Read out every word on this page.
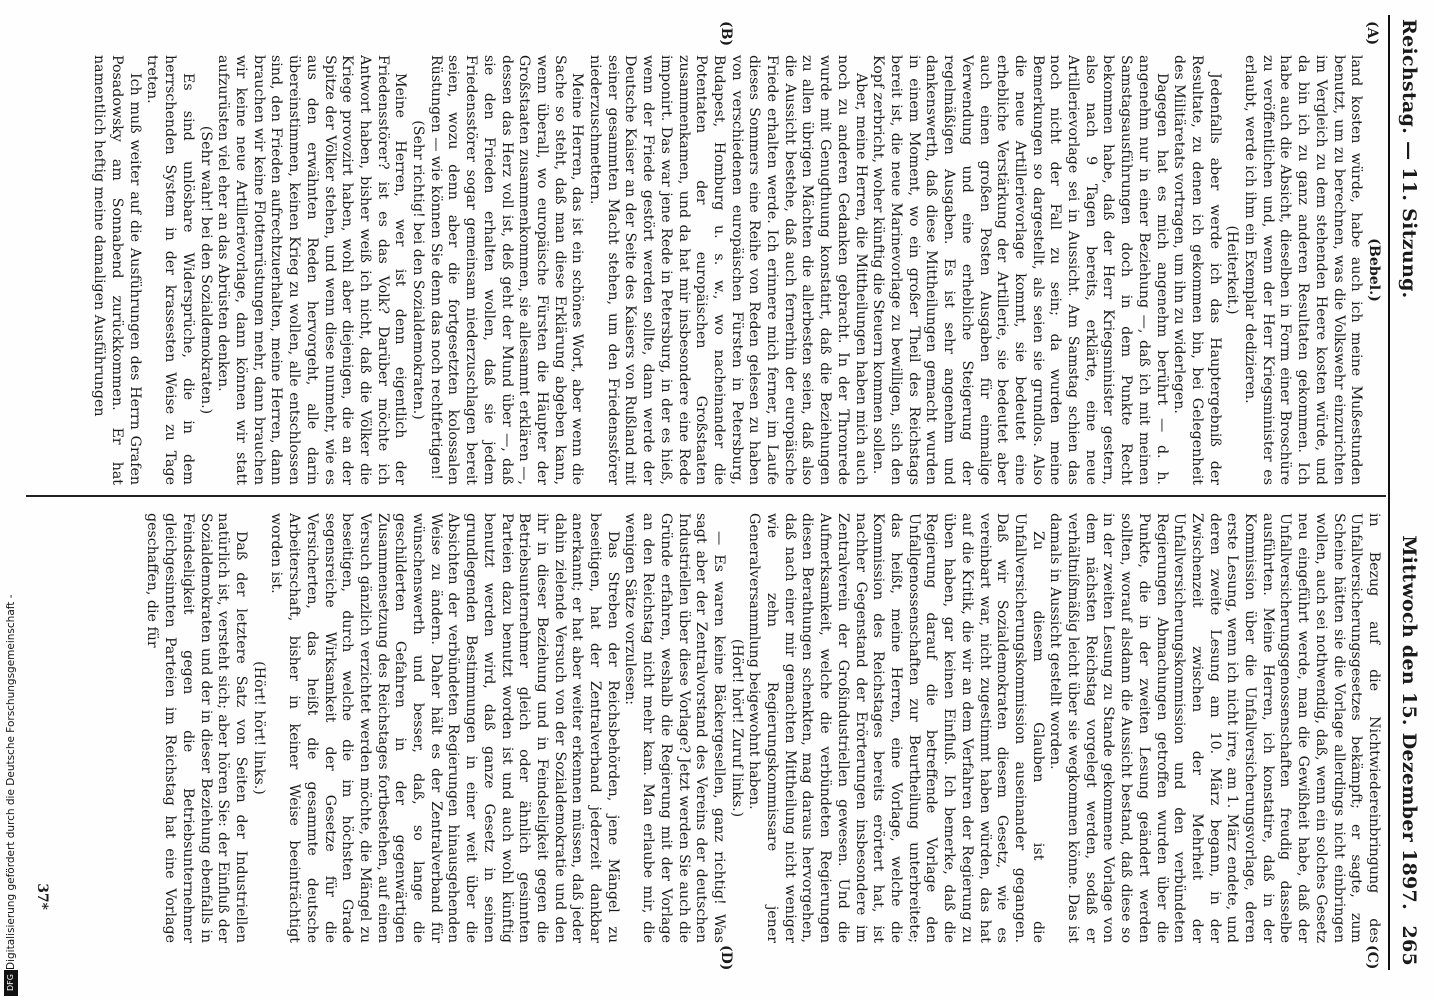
Reichstag. — 11. Sitzung.
265
Mittwoch den 15. Dezember 1897.
(A)
(B)
(C)
(D)

(Bebel.)

land kosten würde, habe auch ich meine Mußestunden benutzt, um zu berechnen, was die Volkswehr einzurichten im Vergleich zu dem stehenden Heere kosten würde, und da bin ich zu ganz anderen Resultaten gekommen. Ich habe auch die Absicht, dieselben in Form einer Broschüre zu veröffentlichen und, wenn der Herr Kriegsminister es erlaubt, werde ich ihm ein Exemplar dedizieren.

(Heiterkeit.)

Jedenfalls aber werde ich das Hauptergebniß der Resultate, zu denen ich gekommen bin, bei Gelegenheit des Militäretats vortragen, um ihn zu widerlegen.

Dagegen hat es mich angenehm berührt — d. h. angenehm nur in einer Beziehung —, daß ich mit meinen Samstagsausführungen doch in dem Punkte Recht bekommen habe, daß der Herr Kriegsminister gestern, also nach 9 Tagen bereits, erklärte, eine neue Artillerievorlage sei in Aussicht. Am Samstag schien das noch nicht der Fall zu sein; da wurden meine Bemerkungen so dargestellt, als seien sie grundlos. Also die neue Artillerievorlage kommt, sie bedeutet eine erhebliche Verstärkung der Artillerie, sie bedeutet aber auch einen großen Posten Ausgaben für einmalige Verwendung und eine erhebliche Steigerung der regelmäßigen Ausgaben. Es ist sehr angenehm und dankenswerth, daß diese Mittheilungen gemacht wurden in einem Moment, wo ein großer Theil des Reichstags bereit ist, die neue Marinevorlage zu bewilligen, sich den Kopf zerbricht, woher künftig die Steuern kommen sollen.

Aber, meine Herren, die Mittheilungen haben mich auch noch zu anderen Gedanken gebracht. In der Thronrede wurde mit Genugthuung konstatirt, daß die Beziehungen zu allen übrigen Mächten die allerbesten seien, daß also die Aussicht bestehe, daß auch fernerhin der europäische Friede erhalten werde. Ich erinnere mich ferner, im Laufe dieses Sommers eine Reihe von Reden gelesen zu haben von verschiedenen europäischen Fürsten in Petersburg, Budapest, Homburg u. s. w., wo nacheinander die Potentaten der europäischen Großstaaten zusammenkamen, und da hat mir insbesondere eine Rede imponirt. Das war jene Rede in Petersburg, in der es hieß, wenn der Friede gestört werden sollte, dann werde der Deutsche Kaiser an der Seite des Kaisers von Rußland mit seiner gesammten Macht stehen, um den Friedensstörer niederzuschmettern.

Meine Herren, das ist ein schönes Wort, aber wenn die Sache so steht, daß man diese Erklärung abgeben kann, wenn überall, wo europäische Fürsten die Häupter der Großstaaten zusammenkommen, sie allesammt erklären —, dessen das Herz voll ist, deß geht der Mund über —, daß sie den Frieden erhalten wollen, daß sie jedem Friedensstörer sogar gemeinsam niederzuschlagen bereit seien, wozu denn aber die fortgesetzten kolossalen Rüstungen — wie können Sie denn das noch rechtfertigen!

(Sehr richtig! bei den Sozialdemokraten.)

Meine Herren, wer ist denn eigentlich der Friedensstörer? ist es das Volk? Darüber möchte ich Antwort haben, bisher weiß ich nicht, daß die Völker die Kriege provozirt haben, wohl aber diejenigen, die an der Spitze der Völker stehen, und wenn diese nunmehr, wie es aus den erwähnten Reden hervorgeht, alle darin übereinstimmen, keinen Krieg zu wollen, alle entschlossen sind, den Frieden aufrechtzuerhalten, meine Herren, dann brauchen wir keine Flottenrüstungen mehr, dann brauchen wir keine neue Artillerievorlage, dann können wir statt aufzurüsten viel eher an das Abrüsten denken.

(Sehr wahr! bei den Sozialdemokraten.)

Es sind unlösbare Widersprüche, die in dem herrschenden System in der krassesten Weise zu Tage treten.

Ich muß weiter auf die Ausführungen des Herrn Grafen Posadowsky am Sonnabend zurückkommen. Er hat namentlich heftig meine damaligen Ausführungen

in Bezug auf die Nichtwiedereinbringung des Unfallversicherungsgesetzes bekämpft; er sagte, zum Scheine hätten sie die Vorlage allerdings nicht einbringen wollen, auch sei nothwendig, daß, wenn ein solches Gesetz neu eingeführt werde, man die Gewißheit habe, daß der Unfallversicherungsgenossenschaften freudig dasselbe ausführten. Meine Herren, ich konstatire, daß in der Kommission über die Unfallversicherungsvorlage, deren erste Lesung, wenn ich nicht irre, am 1. März endete, und deren zweite Lesung am 10. März begann, in der Zwischenzeit zwischen der Mehrheit der Unfallversicherungskommission und den verbündeten Regierungen Abmachungen getroffen wurden über die Punkte, die in der zweiten Lesung geändert werden sollten, worauf alsdann die Aussicht bestand, daß diese so in der zweiten Lesung zu Stande gekommene Vorlage von dem nächsten Reichstag vorgelegt werden, sodaß er verhältnißmäßig leicht über sie wegkommen könne. Das ist damals in Aussicht gestellt worden.

Zu diesem Glauben ist die Unfallversicherungskommission auseinander gegangen. Daß wir Sozialdemokraten diesem Gesetz, wie es vereinbart war, nicht zugestimmt haben würden, das hat auf die Kritik, die wir an dem Verfahren der Regierung zu üben haben, gar keinen Einfluß. Ich bemerke, daß die Regierung darauf die betreffende Vorlage den Unfallgenossenschaften zur Beurtheilung unterbreitete; das heißt, meine Herren, eine Vorlage, welche die Kommission des Reichstages bereits erörtert hat, ist nachher Gegenstand der Erörterungen insbesondere im Zentralverein der Großindustriellen gewesen. Und die Aufmerksamkeit, welche die verbündeten Regierungen diesen Berathungen schenkten, mag daraus hervorgehen, daß nach einer mir gemachten Mittheilung nicht weniger wie zehn Regierungskommissare jener Generalversammlung beigewohnt haben.

(Hört! hört! Zuruf links.)

— Es waren keine Bäckergesellen, ganz richtig! Was sagt aber der Zentralvorstand des Vereins der deutschen Industriellen über diese Vorlage? Jetzt werden Sie auch die Gründe erfahren, weshalb die Regierung mit der Vorlage an den Reichstag nicht mehr kam. Man erlaube mir, die wenigen Sätze vorzulesen:

Das Streben der Reichsbehörden, jene Mängel zu beseitigen, hat der Zentralverband jederzeit dankbar anerkannt; er hat aber weiter erkennen müssen, daß jeder dahin zielende Versuch von der Sozialdemokratie und den ihr in dieser Beziehung und in Feindseligkeit gegen die Betriebsunternehmer gleich oder ähnlich gesinnten Parteien dazu benutzt worden ist und auch wohl künftig benutzt werden wird, daß ganze Gesetz in seinen grundlegenden Bestimmungen in einer weit über die Absichten der verbündeten Regierungen hinausgehenden Weise zu ändern. Daher hält es der Zentralverband für wünschenswerth und besser, daß, so lange die geschilderten Gefahren in der gegenwärtigen Zusammensetzung des Reichstages fortbestehen, auf einen Versuch gänzlich verzichtet werden möchte, die Mängel zu beseitigen, durch welche die im höchsten Grade segensreiche Wirksamkeit der Gesetze für die Versicherten, das heißt die gesammte deutsche Arbeiterschaft, bisher in keiner Weise beeinträchtigt worden ist.

(Hört! hört! links.)

Daß der letztere Satz von Seiten der Industriellen natürlich ist, versteht sich; aber hören Sie: der Einfluß der Sozialdemokraten und der in dieser Beziehung ebenfalls in Feindseligkeit gegen die Betriebsunternehmer gleichgesinnten Parteien im Reichstag hat eine Vorlage geschaffen, die für

37*
Digitalisierung gefördert durch die Deutsche Forschungsgemeinschaft -
DFG
